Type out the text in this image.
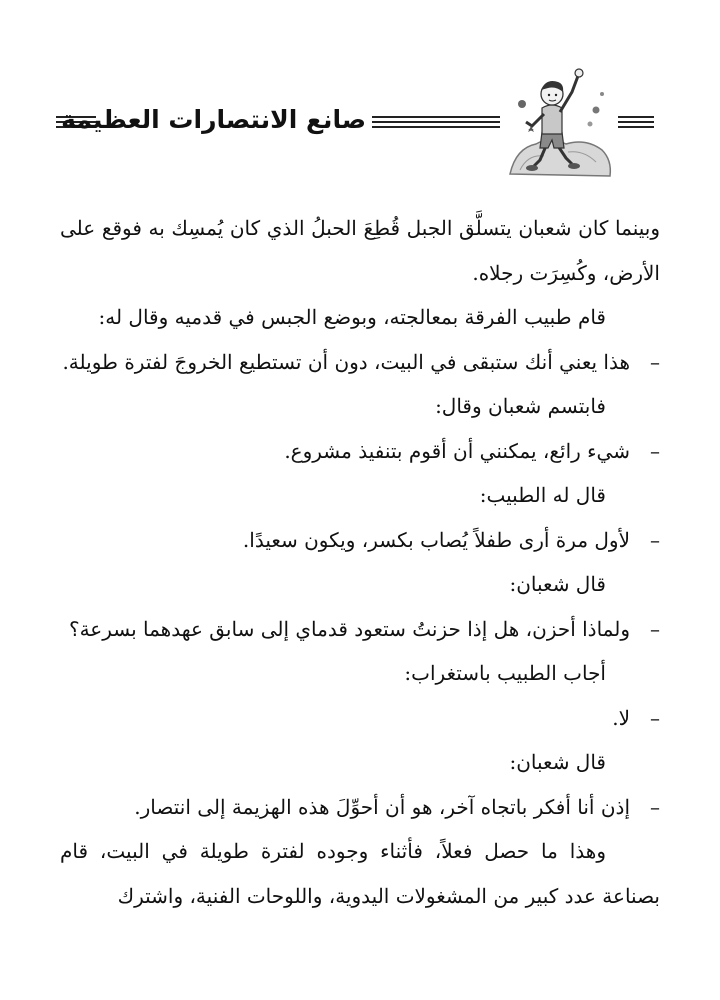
صانع الانتصارات العظيمة

وبينما كان شعبان يتسلَّق الجبل قُطِعَ الحبلُ الذي كان يُمسِك به فوقع على الأرض، وكُسِرَت رجلاه.

قام طبيب الفرقة بمعالجته، وبوضع الجبس في قدميه وقال له:

–
هذا يعني أنك ستبقى في البيت، دون أن تستطيع الخروجَ لفترة طويلة.

فابتسم شعبان وقال:

–
شيء رائع، يمكنني أن أقوم بتنفيذ مشروع.

قال له الطبيب:

–
لأول مرة أرى طفلاً يُصاب بكسر، ويكون سعيدًا.

قال شعبان:

–
ولماذا أحزن، هل إذا حزنتُ ستعود قدماي إلى سابق عهدهما بسرعة؟

أجاب الطبيب باستغراب:

–
لا.

قال شعبان:

–
إذن أنا أفكر باتجاه آخر، هو أن أحوِّلَ هذه الهزيمة إلى انتصار.

وهذا ما حصل فعلاً، فأثناء وجوده لفترة طويلة في البيت، قام بصناعة عدد كبير من المشغولات اليدوية، واللوحات الفنية، واشترك
